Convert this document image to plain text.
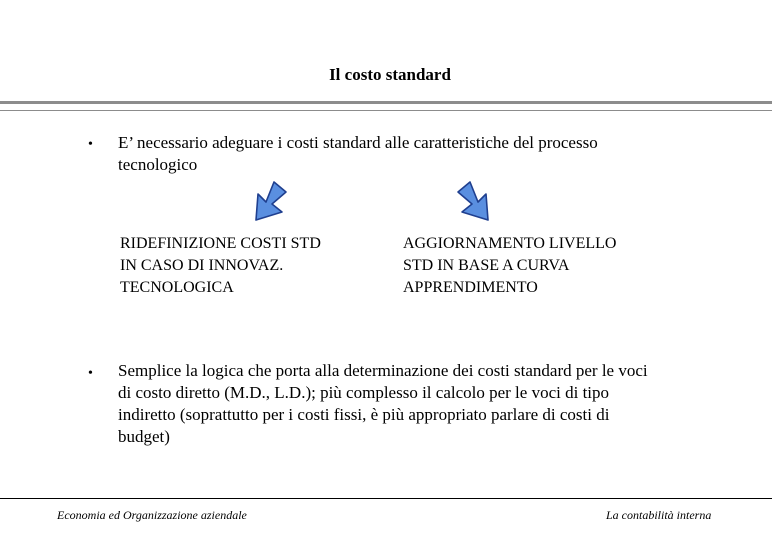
Il costo standard
• E’ necessario adeguare i costi standard alle caratteristiche del processo
tecnologico
RIDEFINIZIONE COSTI STD
IN CASO DI INNOVAZ.
TECNOLOGICA
AGGIORNAMENTO LIVELLO
STD IN BASE A CURVA
APPRENDIMENTO
• Semplice la logica che porta alla determinazione dei costi standard per le voci
di costo diretto (M.D., L.D.); più complesso il calcolo per le voci di tipo
indiretto (soprattutto per i costi fissi, è più appropriato parlare di costi di
budget)
Economia ed Organizzazione aziendale	La contabilità interna
